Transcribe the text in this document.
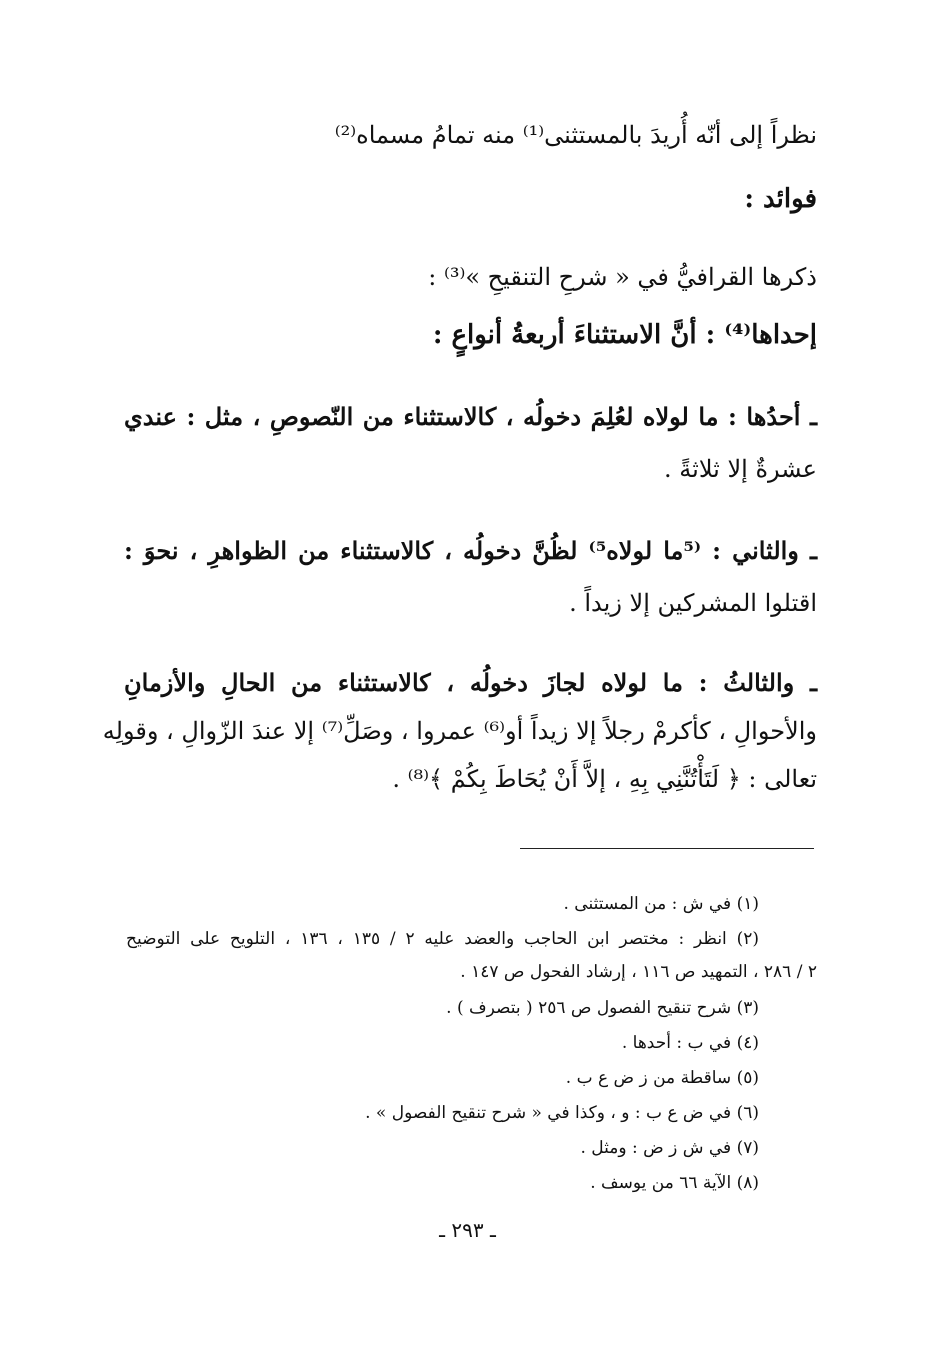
نظراً إلى أنّه أُريدَ بالمستثنى⁽¹⁾ منه تمامُ مسماه⁽²⁾
فوائد :
ذكرها القرافيُّ في « شرحِ التنقيحِ »⁽³⁾ :
إحداها⁽⁴⁾ : أنَّ الاستثناءَ أربعةُ أنواعٍ :
ـ أحدُها : ما لولاه لعُلِمَ دخولُه ، كالاستثناء من النّصوصِ ، مثل : عندي
عشرةٌ إلا ثلاثةً .
ـ والثاني : ⁽⁵ما لولاه⁵⁾ لظُنَّ دخولُه ، كالاستثناء من الظواهرِ ، نحوَ :
اقتلوا المشركين إلا زيداً .
ـ والثالثُ : ما لولاه لجازَ دخولُه ، كالاستثناء من الحالِ والأزمانِ
والأحوالِ ، كأكرمْ رجلاً إلا زيداً أو⁽⁶⁾ عمروا ، وصَلِّ⁽⁷⁾ إلا عندَ الزّوالِ ، وقولِه
تعالى : ﴿ لَتَأْتُنَّنِي بِهِ ، إلاَّ أَنْ يُحَاطَ بِكُمْ ﴾⁽⁸⁾ .
(١) في ش : من المستثنى .
(٢) انظر : مختصر ابن الحاجب والعضد عليه ٢ / ١٣٥ ، ١٣٦ ، التلويح على التوضيح
٢ / ٢٨٦ ، التمهيد ص ١١٦ ، إرشاد الفحول ص ١٤٧ .
(٣) شرح تنقيح الفصول ص ٢٥٦ ( بتصرف ) .
(٤) في ب : أحدها .
(٥) ساقطة من ز ض ع ب .
(٦) في ض ع ب : و ، وكذا في « شرح تنقيح الفصول » .
(٧) في ش ز ض : ومثل .
(٨) الآية ٦٦ من يوسف .
ـ ٢٩٣ ـ
